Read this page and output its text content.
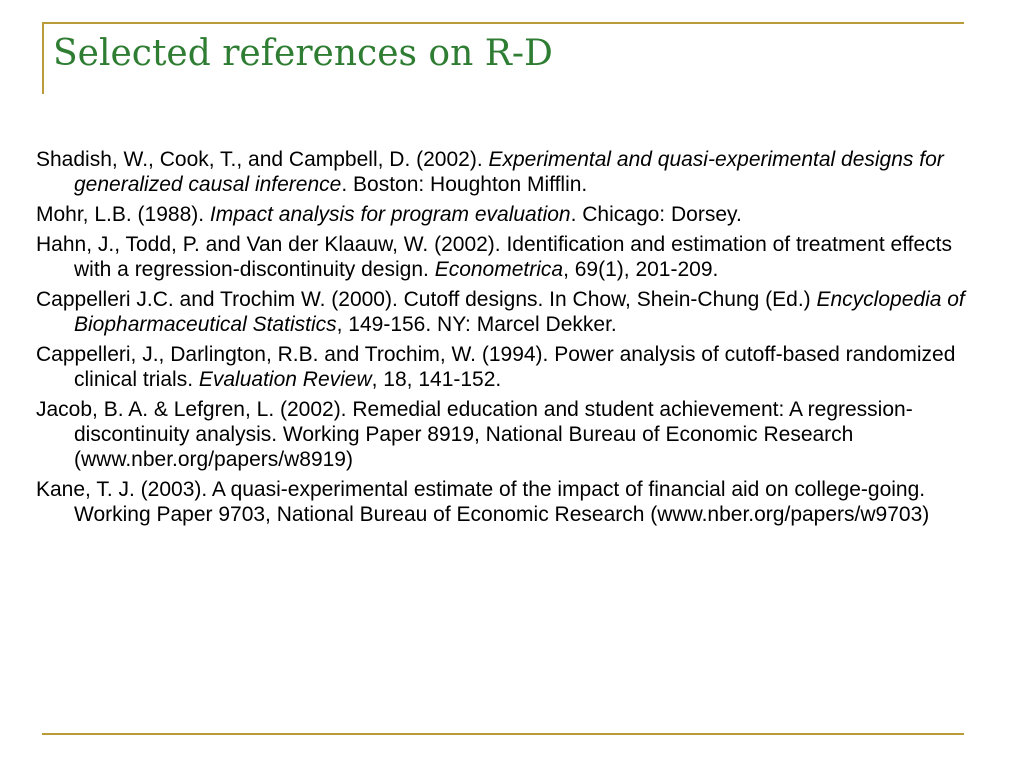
Selected references on R-D
Shadish, W., Cook, T., and Campbell, D. (2002). Experimental and quasi-experimental designs for generalized causal inference. Boston: Houghton Mifflin.
Mohr, L.B. (1988). Impact analysis for program evaluation. Chicago: Dorsey.
Hahn, J., Todd, P. and Van der Klaauw, W. (2002). Identification and estimation of treatment effects with a regression-discontinuity design. Econometrica, 69(1), 201-209.
Cappelleri J.C. and Trochim W. (2000). Cutoff designs. In Chow, Shein-Chung (Ed.) Encyclopedia of Biopharmaceutical Statistics, 149-156. NY: Marcel Dekker.
Cappelleri, J., Darlington, R.B. and Trochim, W. (1994). Power analysis of cutoff-based randomized clinical trials. Evaluation Review, 18, 141-152.
Jacob, B. A. & Lefgren, L. (2002). Remedial education and student achievement: A regression-discontinuity analysis. Working Paper 8919, National Bureau of Economic Research (www.nber.org/papers/w8919)
Kane, T. J. (2003). A quasi-experimental estimate of the impact of financial aid on college-going. Working Paper 9703, National Bureau of Economic Research (www.nber.org/papers/w9703)
